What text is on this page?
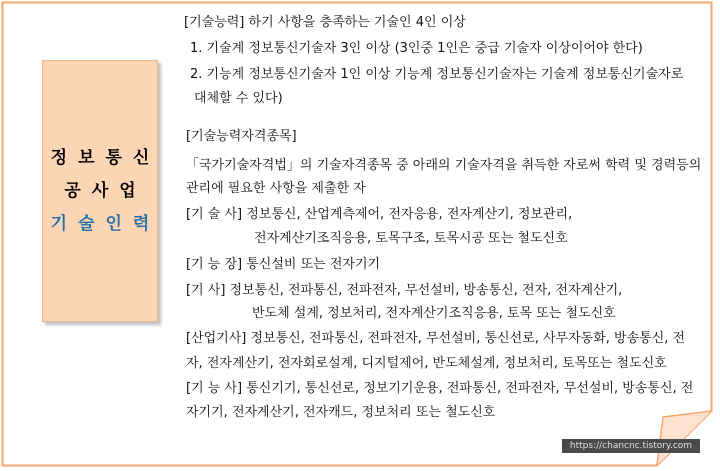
정보통신
공사업
기술인력
[기술능력] 하기 사항을 충족하는 기술인 4인 이상
1. 기술계 정보통신기술자 3인 이상 (3인중 1인은 중급 기술자 이상이어야 한다)
2. 기능계 정보통신기술자 1인 이상 기능계 정보통신기술자는 기술계 정보통신기술자로
대체할 수 있다)
[기술능력자격종목]
「국가기술자격법」의 기술자격종목 중 아래의 기술자격을 취득한 자로써 학력 및 경력등의
관리에 필요한 사항을 제출한 자
[기 술 사] 정보통신, 산업계측제어, 전자응용, 전자계산기, 정보관리,
전자계산기조직응용, 토목구조, 토목시공 또는 철도신호
[기 능 장] 통신설비 또는 전자기기
[기 사] 정보통신, 전파통신, 전파전자, 무선설비, 방송통신, 전자, 전자계산기,
반도체 설계, 정보처리, 전자계산기조직응용, 토목 또는 철도신호
[산업기사] 정보통신, 전파통신, 전파전자, 무선설비, 통신선로, 사무자동화, 방송통신, 전
자, 전자계산기, 전자회로설계, 디지털제어, 반도체설계, 정보처리, 토목또는 철도신호
[기 능 사] 통신기기, 통신선로, 정보기기운용, 전파통신, 전파전자, 무선설비, 방송통신, 전
자기기, 전자계산기, 전자캐드, 정보처리 또는 철도신호
https://chancnc.tistory.com
